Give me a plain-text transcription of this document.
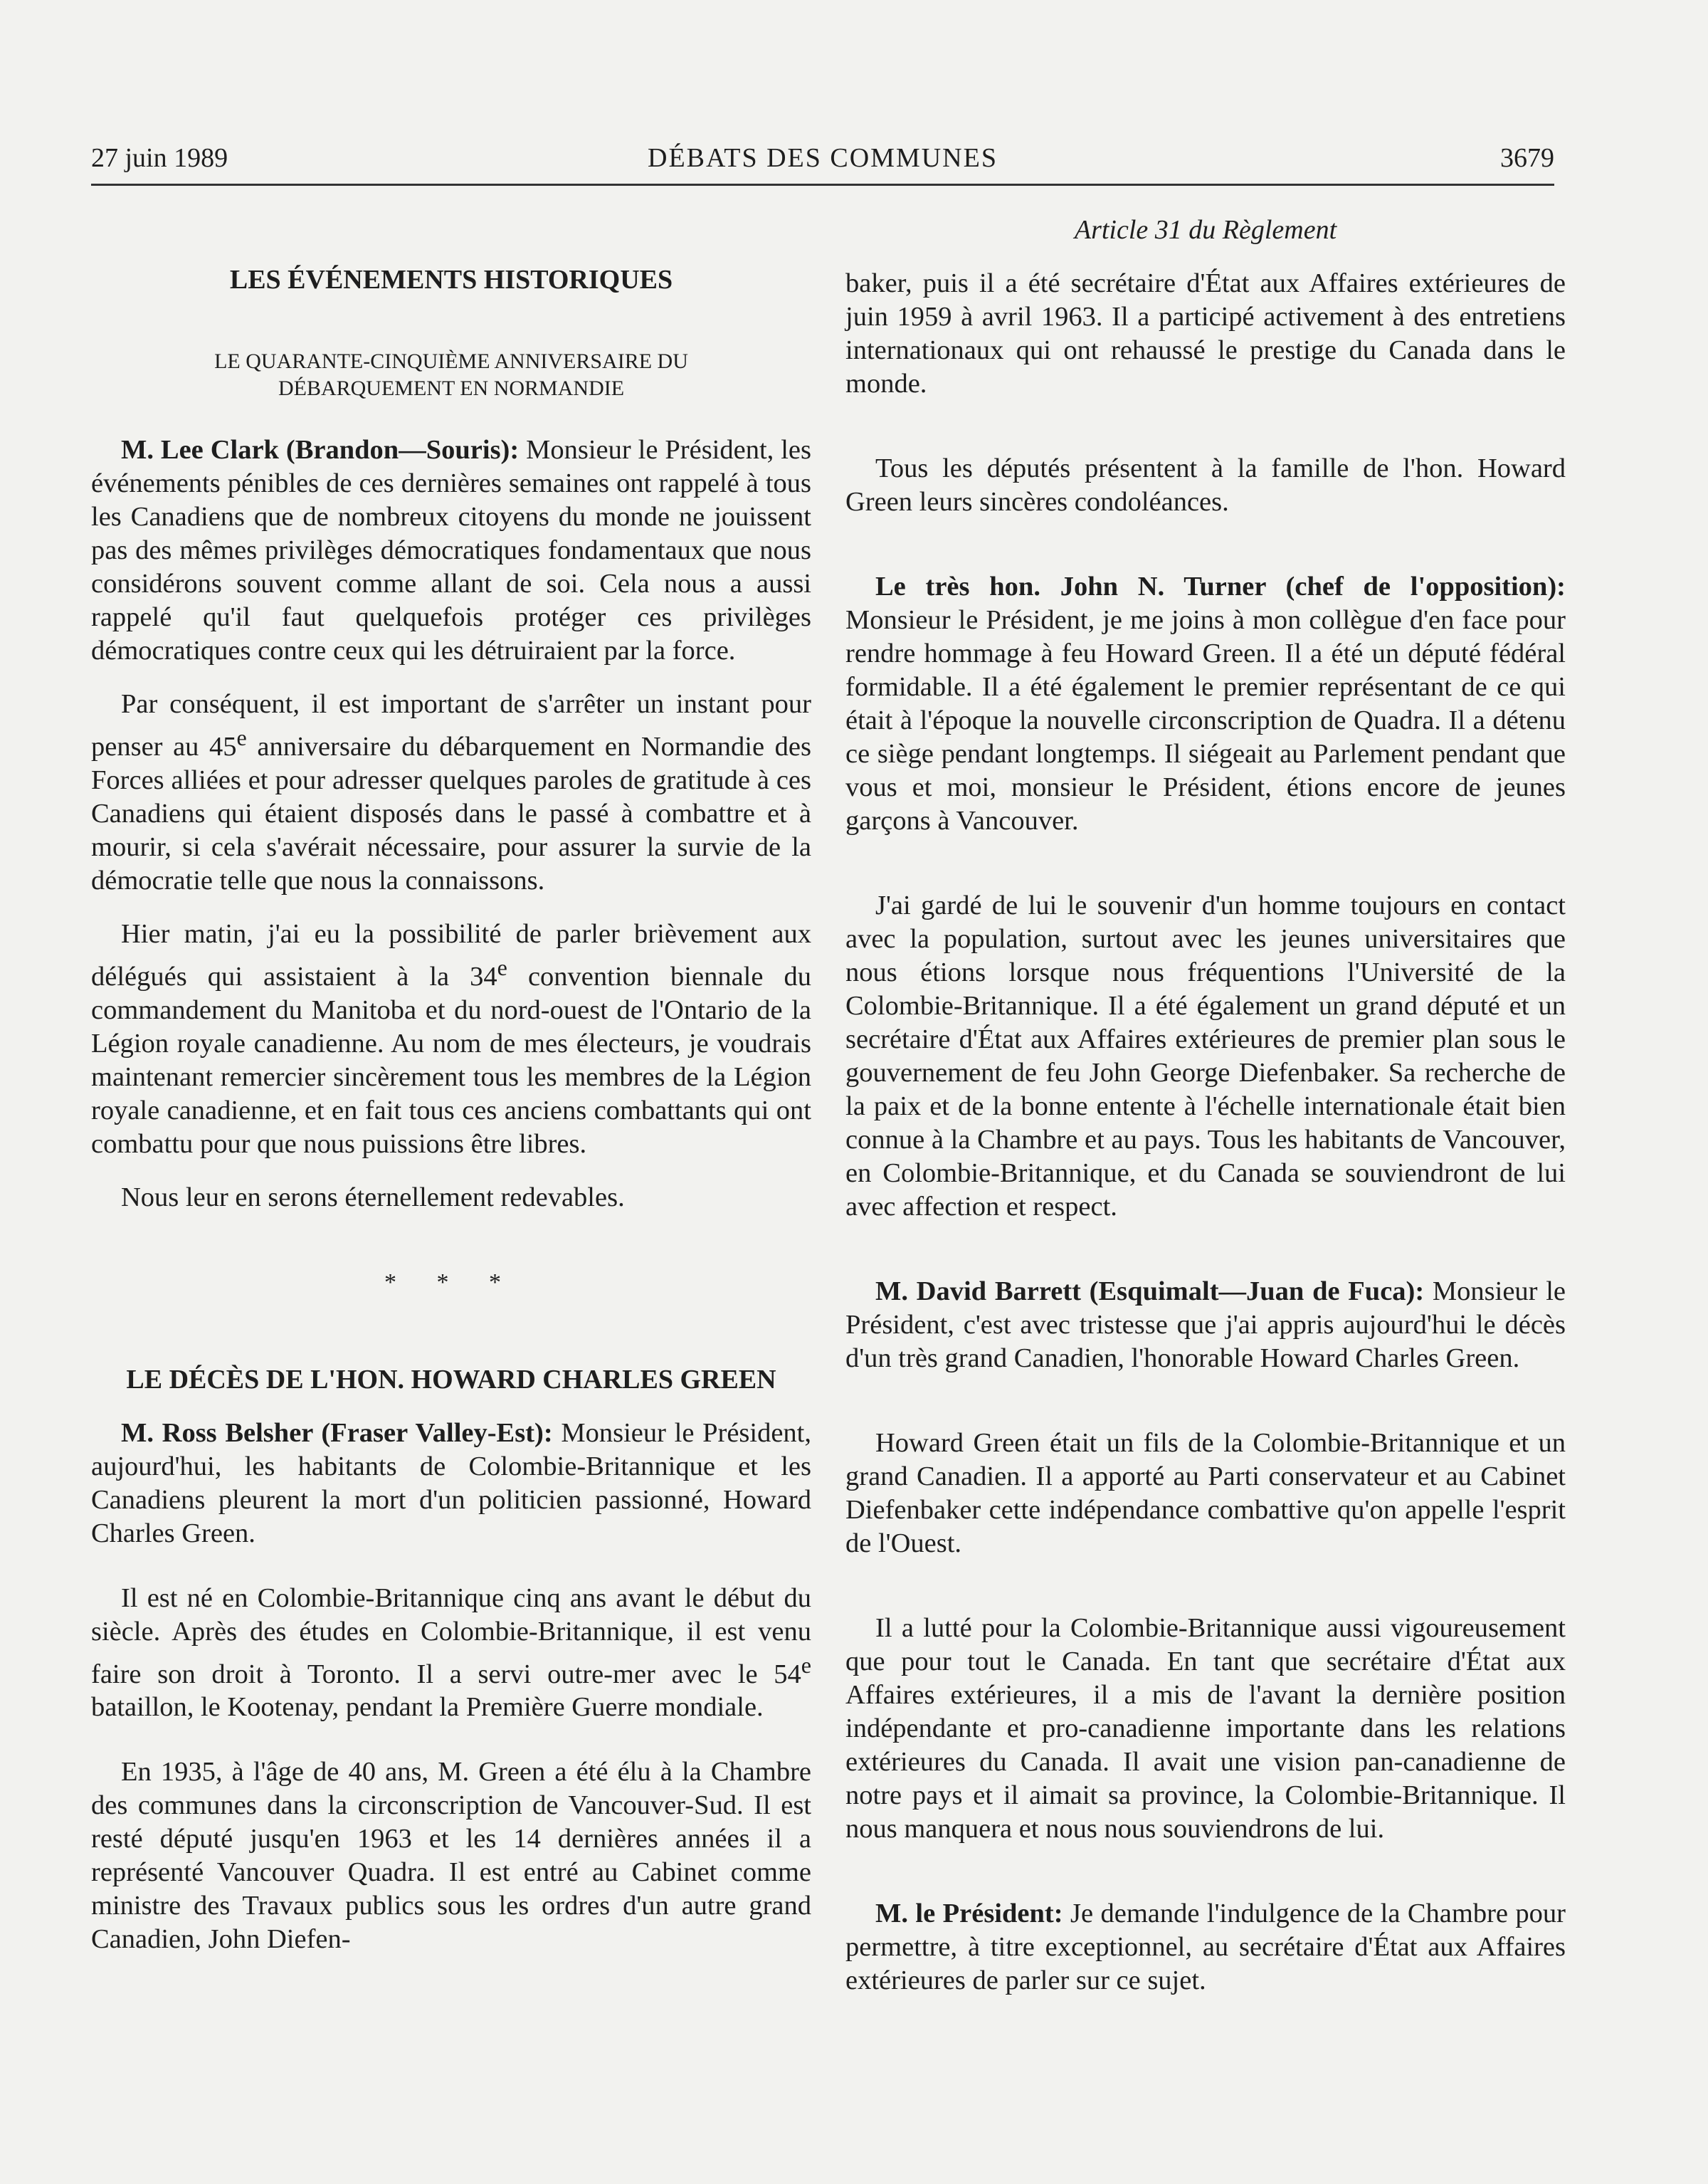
27 juin 1989	DÉBATS DES COMMUNES	3679
LES ÉVÉNEMENTS HISTORIQUES
LE QUARANTE-CINQUIÈME ANNIVERSAIRE DU
DÉBARQUEMENT EN NORMANDIE

M. Lee Clark (Brandon—Souris): Monsieur le Président, les événements pénibles de ces dernières semaines ont rappelé à tous les Canadiens que de nombreux citoyens du monde ne jouissent pas des mêmes privilèges démocratiques fondamentaux que nous considérons souvent comme allant de soi. Cela nous a aussi rappelé qu'il faut quelquefois protéger ces privilèges démocratiques contre ceux qui les détruiraient par la force.

Par conséquent, il est important de s'arrêter un instant pour penser au 45e anniversaire du débarquement en Normandie des Forces alliées et pour adresser quelques paroles de gratitude à ces Canadiens qui étaient disposés dans le passé à combattre et à mourir, si cela s'avérait nécessaire, pour assurer la survie de la démocratie telle que nous la connaissons.

Hier matin, j'ai eu la possibilité de parler brièvement aux délégués qui assistaient à la 34e convention biennale du commandement du Manitoba et du nord-ouest de l'Ontario de la Légion royale canadienne. Au nom de mes électeurs, je voudrais maintenant remercier sincèrement tous les membres de la Légion royale canadienne, et en fait tous ces anciens combattants qui ont combattu pour que nous puissions être libres.

Nous leur en serons éternellement redevables.

* * *
LE DÉCÈS DE L'HON. HOWARD CHARLES GREEN

M. Ross Belsher (Fraser Valley-Est): Monsieur le Président, aujourd'hui, les habitants de Colombie-Britannique et les Canadiens pleurent la mort d'un politicien passionné, Howard Charles Green.

Il est né en Colombie-Britannique cinq ans avant le début du siècle. Après des études en Colombie-Britannique, il est venu faire son droit à Toronto. Il a servi outre-mer avec le 54e bataillon, le Kootenay, pendant la Première Guerre mondiale.

En 1935, à l'âge de 40 ans, M. Green a été élu à la Chambre des communes dans la circonscription de Vancouver-Sud. Il est resté député jusqu'en 1963 et les 14 dernières années il a représenté Vancouver Quadra. Il est entré au Cabinet comme ministre des Travaux publics sous les ordres d'un autre grand Canadien, John Diefen-

Article 31 du Règlement

baker, puis il a été secrétaire d'État aux Affaires extérieures de juin 1959 à avril 1963. Il a participé activement à des entretiens internationaux qui ont rehaussé le prestige du Canada dans le monde.

Tous les députés présentent à la famille de l'hon. Howard Green leurs sincères condoléances.

Le très hon. John N. Turner (chef de l'opposition): Monsieur le Président, je me joins à mon collègue d'en face pour rendre hommage à feu Howard Green. Il a été un député fédéral formidable. Il a été également le premier représentant de ce qui était à l'époque la nouvelle circonscription de Quadra. Il a détenu ce siège pendant longtemps. Il siégeait au Parlement pendant que vous et moi, monsieur le Président, étions encore de jeunes garçons à Vancouver.

J'ai gardé de lui le souvenir d'un homme toujours en contact avec la population, surtout avec les jeunes universitaires que nous étions lorsque nous fréquentions l'Université de la Colombie-Britannique. Il a été également un grand député et un secrétaire d'État aux Affaires extérieures de premier plan sous le gouvernement de feu John George Diefenbaker. Sa recherche de la paix et de la bonne entente à l'échelle internationale était bien connue à la Chambre et au pays. Tous les habitants de Vancouver, en Colombie-Britannique, et du Canada se souviendront de lui avec affection et respect.

M. David Barrett (Esquimalt—Juan de Fuca): Monsieur le Président, c'est avec tristesse que j'ai appris aujourd'hui le décès d'un très grand Canadien, l'honorable Howard Charles Green.

Howard Green était un fils de la Colombie-Britannique et un grand Canadien. Il a apporté au Parti conservateur et au Cabinet Diefenbaker cette indépendance combattive qu'on appelle l'esprit de l'Ouest.

Il a lutté pour la Colombie-Britannique aussi vigoureusement que pour tout le Canada. En tant que secrétaire d'État aux Affaires extérieures, il a mis de l'avant la dernière position indépendante et pro-canadienne importante dans les relations extérieures du Canada. Il avait une vision pan-canadienne de notre pays et il aimait sa province, la Colombie-Britannique. Il nous manquera et nous nous souviendrons de lui.

M. le Président: Je demande l'indulgence de la Chambre pour permettre, à titre exceptionnel, au secrétaire d'État aux Affaires extérieures de parler sur ce sujet.
